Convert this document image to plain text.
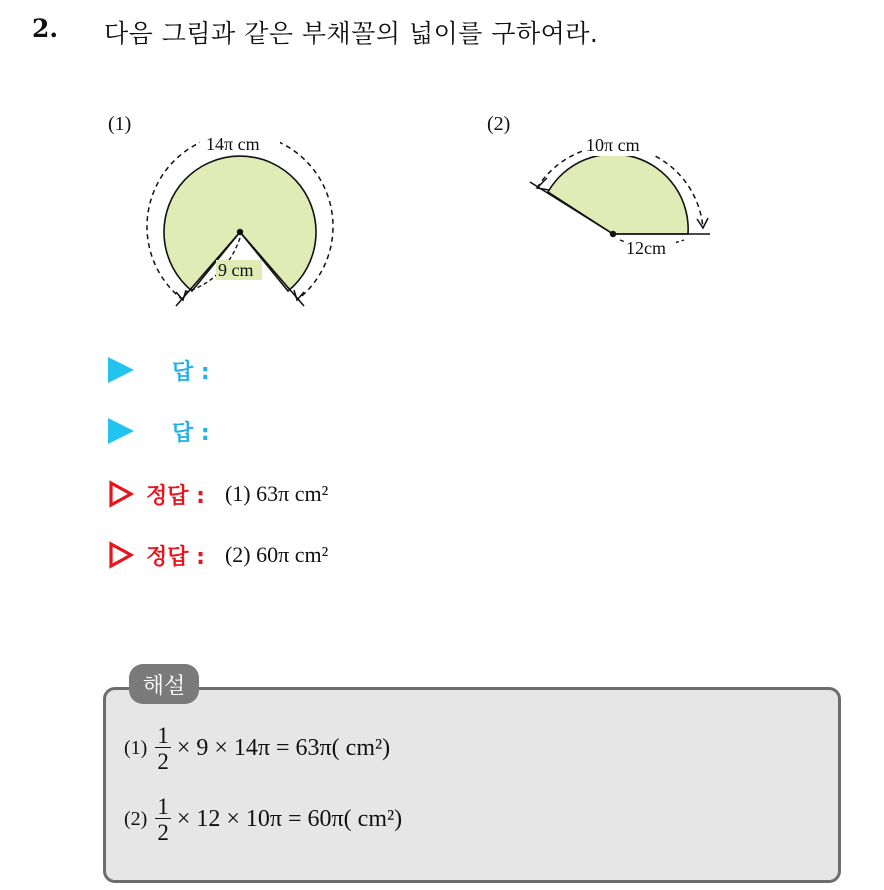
2. 다음 그림과 같은 부채꼴의 넓이를 구하여라.
(1)
14π cm
9 cm
10π cm
12cm
(2)
답 :
답 :
정답 : (1) 63π cm²
정답 : (2) 60π cm²
해설
$(1) \frac{1}{2} \times 9 \times 14\pi = 63\pi$( cm²)
$(2) \frac{1}{2} \times 12 \times 10\pi = 60\pi$( cm²)
